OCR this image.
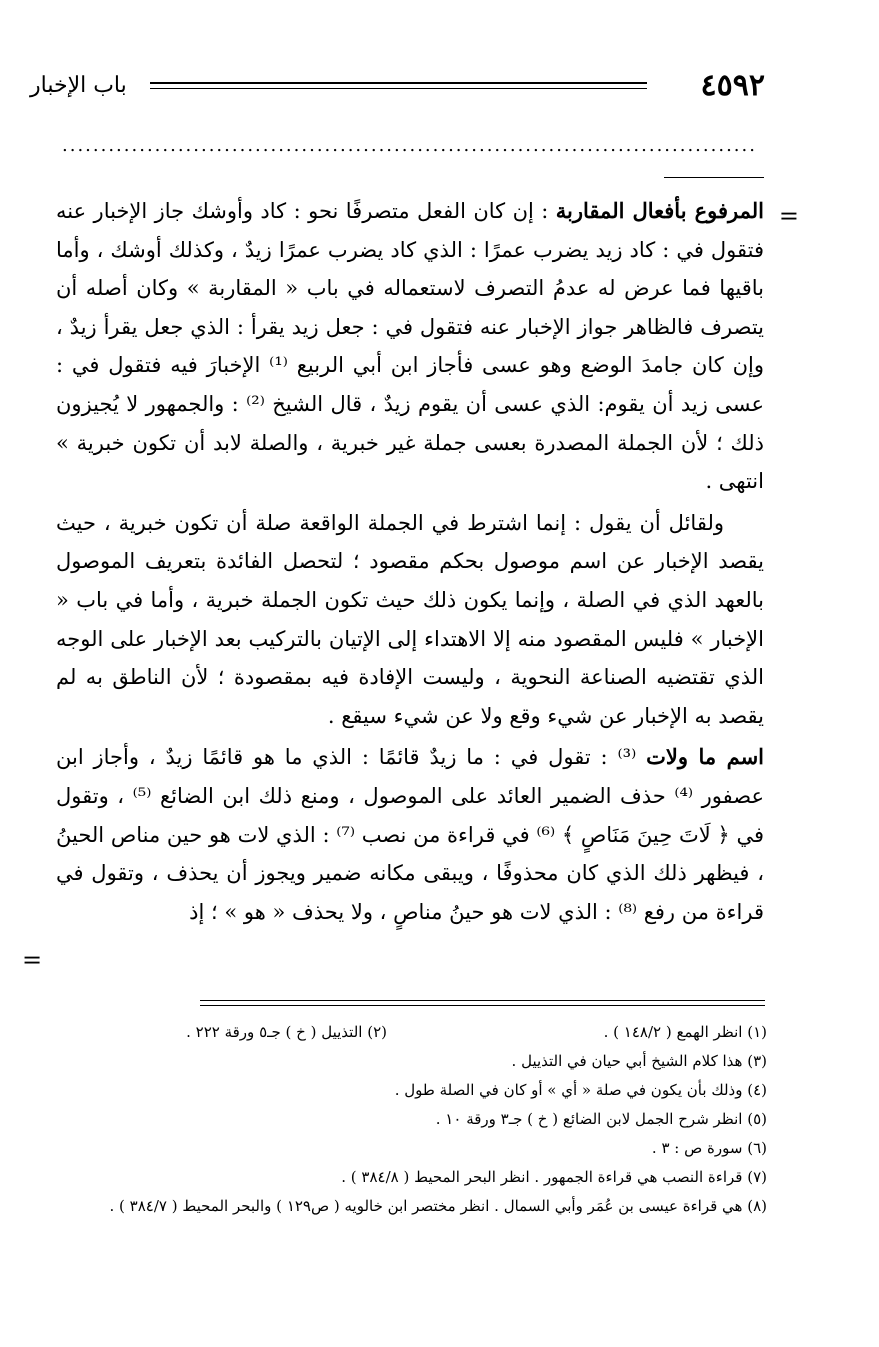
٤٥٩٢
باب الإخبار
..........................................................................................
=

المرفوع بأفعال المقاربة : إن كان الفعل متصرفًا نحو : كاد وأوشك جاز الإخبار عنه فتقول في : كاد زيد يضرب عمرًا : الذي كاد يضرب عمرًا زيدٌ ، وكذلك أوشك ، وأما باقيها فما عرض له عدمُ التصرف لاستعماله في باب « المقاربة » وكان أصله أن يتصرف فالظاهر جواز الإخبار عنه فتقول في : جعل زيد يقرأ : الذي جعل يقرأ زيدٌ ، وإن كان جامدَ الوضع وهو عسى فأجاز ابن أبي الربيع ⁽¹⁾ الإخبارَ فيه فتقول في : عسى زيد أن يقوم: الذي عسى أن يقوم زيدٌ ، قال الشيخ ⁽²⁾ : والجمهور لا يُجيزون ذلك ؛ لأن الجملة المصدرة بعسى جملة غير خبرية ، والصلة لابد أن تكون خبرية » انتهى .

ولقائل أن يقول : إنما اشترط في الجملة الواقعة صلة أن تكون خبرية ، حيث يقصد الإخبار عن اسم موصول بحكم مقصود ؛ لتحصل الفائدة بتعريف الموصول بالعهد الذي في الصلة ، وإنما يكون ذلك حيث تكون الجملة خبرية ، وأما في باب « الإخبار » فليس المقصود منه إلا الاهتداء إلى الإتيان بالتركيب بعد الإخبار على الوجه الذي تقتضيه الصناعة النحوية ، وليست الإفادة فيه بمقصودة ؛ لأن الناطق به لم يقصد به الإخبار عن شيء وقع ولا عن شيء سيقع .

اسم ما ولات ⁽³⁾ : تقول في : ما زيدٌ قائمًا : الذي ما هو قائمًا زيدٌ ، وأجاز ابن عصفور ⁽⁴⁾ حذف الضمير العائد على الموصول ، ومنع ذلك ابن الضائع ⁽⁵⁾ ، وتقول في ﴿ لَاتَ حِينَ مَنَاصٍ ﴾ ⁽⁶⁾ في قراءة من نصب ⁽⁷⁾ : الذي لات هو حين مناص الحينُ ، فيظهر ذلك الذي كان محذوفًا ، ويبقى مكانه ضمير ويجوز أن يحذف ، وتقول في قراءة من رفع ⁽⁸⁾ : الذي لات هو حينُ مناصٍ ، ولا يحذف « هو » ؛ إذ

=
(١) انظر الهمع ( ١٤٨/٢ ) .
(٢) التذييل ( خ ) جـ٥ ورقة ٢٢٢ .
(٣) هذا كلام الشيخ أبي حيان في التذييل .
(٤) وذلك بأن يكون في صلة « أي » أو كان في الصلة طول .
(٥) انظر شرح الجمل لابن الضائع ( خ ) جـ٣ ورقة ١٠ .
(٦) سورة ص : ٣ .
(٧) قراءة النصب هي قراءة الجمهور . انظر البحر المحيط ( ٣٨٤/٨ ) .
(٨) هي قراءة عيسى بن عُمَر وأبي السمال . انظر مختصر ابن خالويه ( ص١٢٩ ) والبحر المحيط ( ٣٨٤/٧ ) .
